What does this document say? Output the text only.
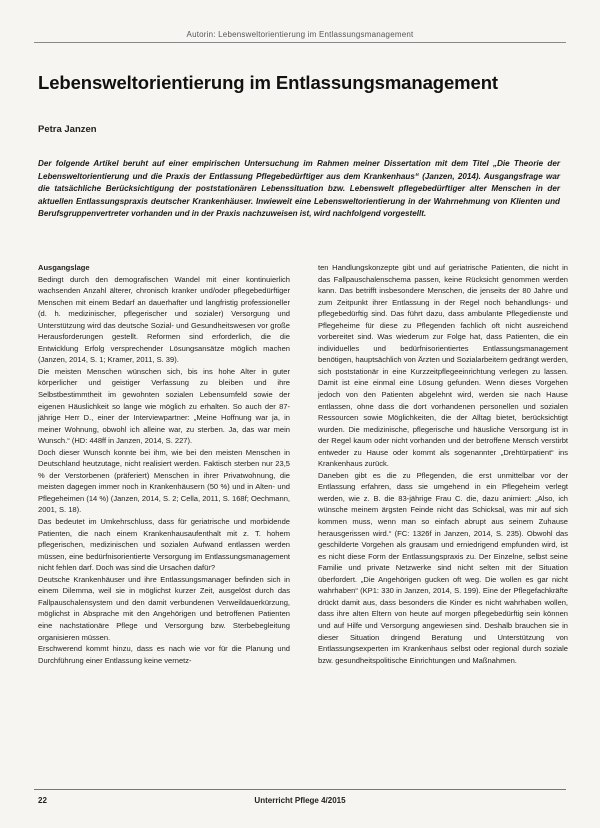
Autorin: Lebensweltorientierung im Entlassungsmanagement
Lebensweltorientierung im Entlassungsmanagement
Petra Janzen

Der folgende Artikel beruht auf einer empirischen Untersuchung im Rahmen meiner Dissertation mit dem Titel „Die Theorie der Lebensweltorientierung und die Praxis der Entlassung Pflegebedürftiger aus dem Krankenhaus“ (Janzen, 2014). Ausgangsfrage war die tatsächliche Berücksichtigung der poststationären Lebenssituation bzw. Lebenswelt pflegebedürftiger alter Menschen in der aktuellen Entlassungspraxis deutscher Krankenhäuser. Inwieweit eine Lebensweltorientierung in der Wahrnehmung von Klienten und Berufsgruppenvertreter vorhanden und in der Praxis nachzuweisen ist, wird nachfolgend vorgestellt.

Ausgangslage

Bedingt durch den demografischen Wandel mit einer kontinuierlich wachsenden Anzahl älterer, chronisch kranker und/oder pflegebedürftiger Menschen mit einem Bedarf an dauerhafter und langfristig professioneller (d. h. medizinischer, pflegerischer und sozialer) Versorgung und Unterstützung wird das deutsche Sozial- und Gesundheitswesen vor große Herausforderungen gestellt. Reformen sind erforderlich, die die Entwicklung Erfolg versprechender Lösungsansätze möglich machen (Janzen, 2014, S. 1; Kramer, 2011, S. 39).

Die meisten Menschen wünschen sich, bis ins hohe Alter in guter körperlicher und geistiger Verfassung zu bleiben und ihre Selbstbestimmtheit im gewohnten sozialen Lebensumfeld sowie der eigenen Häuslichkeit so lange wie möglich zu erhalten. So auch der 87-jährige Herr D., einer der Interviewpartner: „Meine Hoffnung war ja, in meiner Wohnung, obwohl ich alleine war, zu sterben. Ja, das war mein Wunsch.“ (HD: 448ff in Janzen, 2014, S. 227).

Doch dieser Wunsch konnte bei ihm, wie bei den meisten Menschen in Deutschland heutzutage, nicht realisiert werden. Faktisch sterben nur 23,5 % der Verstorbenen (präferiert) Menschen in ihrer Privatwohnung, die meisten dagegen immer noch in Krankenhäusern (50 %) und in Alten- und Pflegeheimen (14 %) (Janzen, 2014, S. 2; Cella, 2011, S. 168f; Oechmann, 2001, S. 18).

Das bedeutet im Umkehrschluss, dass für geriatrische und morbidende Patienten, die nach einem Krankenhausaufenthalt mit z. T. hohem pflegerischen, medizinischen und sozialen Aufwand entlassen werden müssen, eine bedürfnisorientierte Versorgung im Entlassungsmanagement nicht fehlen darf. Doch was sind die Ursachen dafür?

Deutsche Krankenhäuser und ihre Entlassungsmanager befinden sich in einem Dilemma, weil sie in möglichst kurzer Zeit, ausgelöst durch das Fallpauschalensystem und den damit verbundenen Verweildauerkürzung, möglichst in Absprache mit den Angehörigen und betroffenen Patienten eine nachstationäre Pflege und Versorgung bzw. Sterbebegleitung organisieren müssen.

Erschwerend kommt hinzu, dass es nach wie vor für die Planung und Durchführung einer Entlassung keine vernetz-

ten Handlungskonzepte gibt und auf geriatrische Patienten, die nicht in das Fallpauschalenschema passen, keine Rücksicht genommen werden kann. Das betrifft insbesondere Menschen, die jenseits der 80 Jahre und zum Zeitpunkt ihrer Entlassung in der Regel noch behandlungs- und pflegebedürftig sind. Das führt dazu, dass ambulante Pflegedienste und Pflegeheime für diese zu Pflegenden fachlich oft nicht ausreichend vorbereitet sind. Was wiederum zur Folge hat, dass Patienten, die ein individuelles und bedürfnisorientiertes Entlassungsmanagement benötigen, hauptsächlich von Ärzten und Sozialarbeitern gedrängt werden, sich poststationär in eine Kurzzeitpflegeeinrichtung verlegen zu lassen. Damit ist eine einmal eine Lösung gefunden. Wenn dieses Vorgehen jedoch von den Patienten abgelehnt wird, werden sie nach Hause entlassen, ohne dass die dort vorhandenen personellen und sozialen Ressourcen sowie Möglichkeiten, die der Alltag bietet, berücksichtigt wurden. Die medizinische, pflegerische und häusliche Versorgung ist in der Regel kaum oder nicht vorhanden und der betroffene Mensch verstirbt entweder zu Hause oder kommt als sogenannter „Drehtürpatient“ ins Krankenhaus zurück.

Daneben gibt es die zu Pflegenden, die erst unmittelbar vor der Entlassung erfahren, dass sie umgehend in ein Pflegeheim verlegt werden, wie z. B. die 83-jährige Frau C. die, dazu animiert: „Also, ich wünsche meinem ärgsten Feinde nicht das Schicksal, was mir auf sich kommen muss, wenn man so einfach abrupt aus seinem Zuhause herausgerissen wird.“ (FC: 1326f in Janzen, 2014, S. 235). Obwohl das geschilderte Vorgehen als grausam und erniedrigend empfunden wird, ist es nicht diese Form der Entlassungspraxis zu. Der Einzelne, selbst seine Familie und private Netzwerke sind nicht selten mit der Situation überfordert. „Die Angehörigen gucken oft weg. Die wollen es gar nicht wahrhaben“ (KP1: 330 in Janzen, 2014, S. 199). Eine der Pflegefachkräfte drückt damit aus, dass besonders die Kinder es nicht wahrhaben wollen, dass ihre alten Eltern von heute auf morgen pflegebedürftig sein können und auf Hilfe und Versorgung angewiesen sind. Deshalb brauchen sie in dieser Situation dringend Beratung und Unterstützung von Entlassungsexperten im Krankenhaus selbst oder regional durch soziale bzw. gesundheitspolitische Einrichtungen und Maßnahmen.

22	Unterricht Pflege 4/2015
